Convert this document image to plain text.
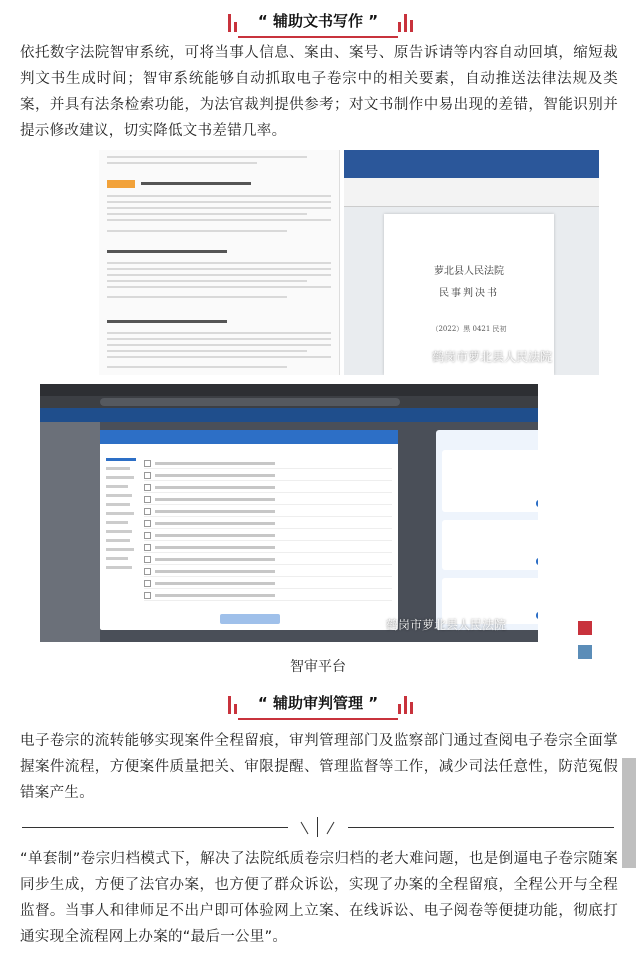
“ 辅助文书写作 ”
依托数字法院智审系统，可将当事人信息、案由、案号、原告诉请等内容自动回填，缩短裁判文书生成时间；智审系统能够自动抓取电子卷宗中的相关要素，自动推送法律法规及类案，并具有法条检索功能，为法官裁判提供参考；对文书制作中易出现的差错，智能识别并提示修改建议，切实降低文书差错几率。
萝北县人民法院
民事判决书
（2022）黑 0421 民初
鹤岗市萝北县人民法院
鹤岗市萝北县人民法院
智审平台
“ 辅助审判管理 ”
电子卷宗的流转能够实现案件全程留痕，审判管理部门及监察部门通过查阅电子卷宗全面掌握案件流程，方便案件质量把关、审限提醒、管理监督等工作，减少司法任意性，防范冤假错案产生。
“单套制”卷宗归档模式下，解决了法院纸质卷宗归档的老大难问题，也是倒逼电子卷宗随案同步生成，方便了法官办案，也方便了群众诉讼，实现了办案的全程留痕，全程公开与全程监督。当事人和律师足不出户即可体验网上立案、在线诉讼、电子阅卷等便捷功能，彻底打通实现全流程网上办案的“最后一公里”。
